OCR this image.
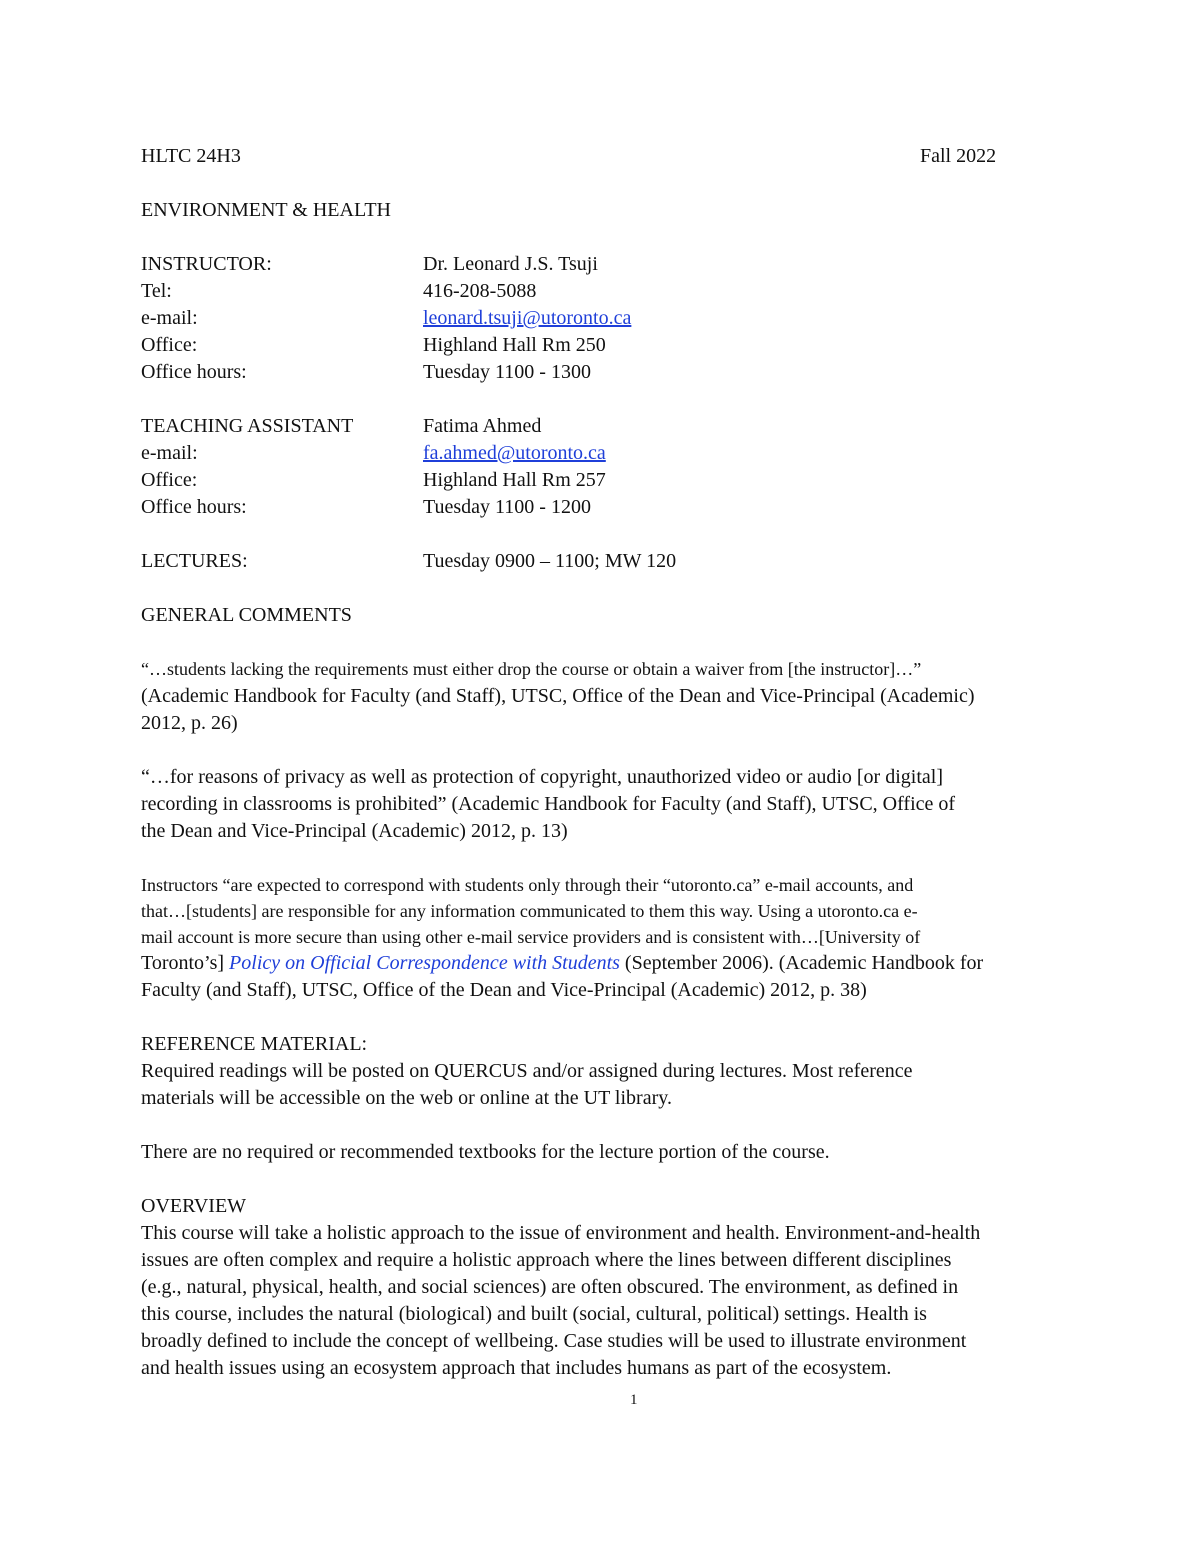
HLTC 24H3	Fall 2022
ENVIRONMENT & HEALTH
INSTRUCTOR:	Dr. Leonard J.S. Tsuji
Tel:	416-208-5088
e-mail:	leonard.tsuji@utoronto.ca
Office:	Highland Hall Rm 250
Office hours:	Tuesday 1100 - 1300
TEACHING ASSISTANT	Fatima Ahmed
e-mail:	fa.ahmed@utoronto.ca
Office:	Highland Hall Rm 257
Office hours:	Tuesday 1100 - 1200
LECTURES:	Tuesday 0900 – 1100; MW 120
GENERAL COMMENTS
“…students lacking the requirements must either drop the course or obtain a waiver from [the instructor]…”
(Academic Handbook for Faculty (and Staff), UTSC, Office of the Dean and Vice-Principal (Academic)
2012, p. 26)
“…for reasons of privacy as well as protection of copyright, unauthorized video or audio [or digital]
recording in classrooms is prohibited” (Academic Handbook for Faculty (and Staff), UTSC, Office of
the Dean and Vice-Principal (Academic) 2012, p. 13)
Instructors “are expected to correspond with students only through their “utoronto.ca” e-mail accounts, and
that…[students] are responsible for any information communicated to them this way. Using a utoronto.ca e-
mail account is more secure than using other e-mail service providers and is consistent with…[University of
Toronto’s] Policy on Official Correspondence with Students (September 2006). (Academic Handbook for
Faculty (and Staff), UTSC, Office of the Dean and Vice-Principal (Academic) 2012, p. 38)
REFERENCE MATERIAL:
Required readings will be posted on QUERCUS and/or assigned during lectures. Most reference
materials will be accessible on the web or online at the UT library.
There are no required or recommended textbooks for the lecture portion of the course.
OVERVIEW
This course will take a holistic approach to the issue of environment and health. Environment-and-health
issues are often complex and require a holistic approach where the lines between different disciplines
(e.g., natural, physical, health, and social sciences) are often obscured. The environment, as defined in
this course, includes the natural (biological) and built (social, cultural, political) settings. Health is
broadly defined to include the concept of wellbeing. Case studies will be used to illustrate environment
and health issues using an ecosystem approach that includes humans as part of the ecosystem.
1
